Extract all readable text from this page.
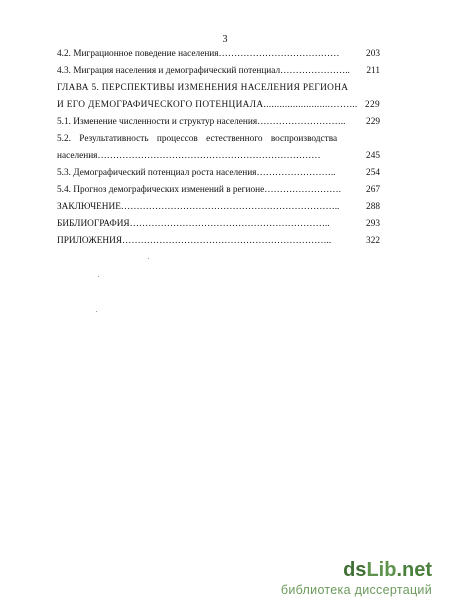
3
4.2. Миграционное поведение населения…………………………………	203
4.3. Миграция населения и демографический потенциал………………….. 211
ГЛАВА 5. ПЕРСПЕКТИВЫ ИЗМЕНЕНИЯ НАСЕЛЕНИЯ РЕГИОНА
И ЕГО ДЕМОГРАФИЧЕСКОГО ПОТЕНЦИАЛА.........................……... 229
5.1. Изменение численности и структур населения……………………….. 229
5.2. Результативность процессов естественного воспроизводства
населения………………………………………………………………	245
5.3. Демографический потенциал роста населения……………………..	254
5.4. Прогноз демографических изменений в регионе…………………….	267
ЗАКЛЮЧЕНИЕ……………………………………………………………..	288
БИБЛИОГРАФИЯ………………………………………………………..	293
ПРИЛОЖЕНИЯ…………………………………………………………..	322
dsLib.net
библиотека диссертаций
